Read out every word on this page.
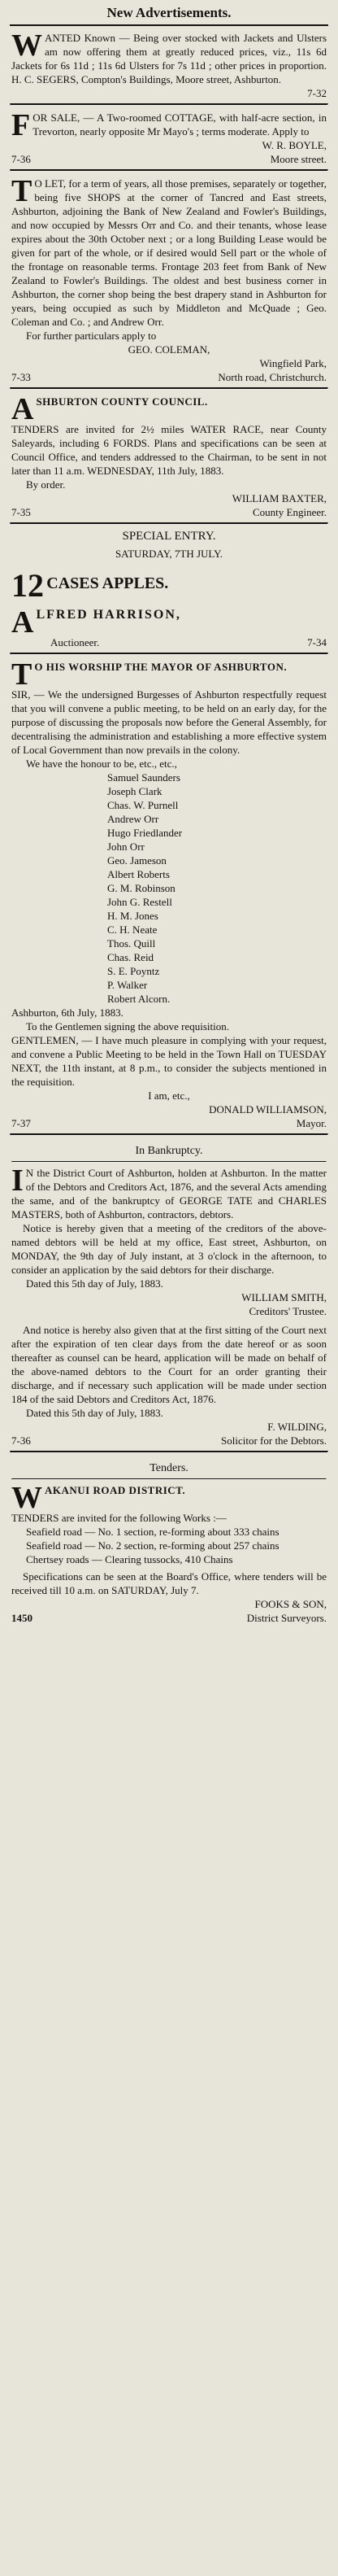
New Advertisements.
W ANTED Known — Being over stocked with Jackets and Ulsters am now offering them at greatly reduced prices, viz., 11s 6d Jackets for 6s 11d ; 11s 6d Ulsters for 7s 11d ; other prices in proportion. H. C. SEGERS, Compton's Buildings, Moore street, Ashburton.

7-32

F OR SALE, — A Two-roomed COTTAGE, with half-acre section, in Trevorton, nearly opposite Mr Mayo's ; terms moderate. Apply to

W. R. BOYLE,

7-36	Moore street.
T O LET, for a term of years, all those premises, separately or together, being five SHOPS at the corner of Tancred and East streets, Ashburton, adjoining the Bank of New Zealand and Fowler's Buildings, and now occupied by Messrs Orr and Co. and their tenants, whose lease expires about the 30th October next ; or a long Building Lease would be given for part of the whole, or if desired would Sell part or the whole of the frontage on reasonable terms. Frontage 203 feet from Bank of New Zealand to Fowler's Buildings. The oldest and best business corner in Ashburton, the corner shop being the best drapery stand in Ashburton for years, being occupied as such by Middleton and McQuade ; Geo. Coleman and Co. ; and Andrew Orr.

For further particulars apply to

GEO. COLEMAN,

Wingfield Park,

7-33	North road, Christchurch.
A SHBURTON COUNTY COUNCIL.

TENDERS are invited for 2½ miles WATER RACE, near County Saleyards, including 6 FORDS. Plans and specifications can be seen at Council Office, and tenders addressed to the Chairman, to be sent in not later than 11 a.m. WEDNESDAY, 11th July, 1883.

By order.

WILLIAM BAXTER,

7-35	County Engineer.

SPECIAL ENTRY.

SATURDAY, 7TH JULY.

12 CASES APPLES.

ALFRED HARRISON,
Auctioneer.	7-34
T O HIS WORSHIP THE MAYOR OF ASHBURTON.

SIR, — We the undersigned Burgesses of Ashburton respectfully request that you will convene a public meeting, to be held on an early day, for the purpose of discussing the proposals now before the General Assembly, for decentralising the administration and establishing a more effective system of Local Government than now prevails in the colony.

We have the honour to be, etc., etc.,

Samuel Saunders

Joseph Clark

Chas. W. Purnell

Andrew Orr

Hugo Friedlander

John Orr

Geo. Jameson

Albert Roberts

G. M. Robinson

John G. Restell

H. M. Jones

C. H. Neate

Thos. Quill

Chas. Reid

S. E. Poyntz

P. Walker

Robert Alcorn.

Ashburton, 6th July, 1883.

To the Gentlemen signing the above requisition.

GENTLEMEN, — I have much pleasure in complying with your request, and convene a Public Meeting to be held in the Town Hall on TUESDAY NEXT, the 11th instant, at 8 p.m., to consider the subjects mentioned in the requisition.

I am, etc.,

DONALD WILLIAMSON,

7-37	Mayor.

In Bankruptcy.

I N the District Court of Ashburton, holden at Ashburton. In the matter of the Debtors and Creditors Act, 1876, and the several Acts amending the same, and of the bankruptcy of GEORGE TATE and CHARLES MASTERS, both of Ashburton, contractors, debtors.

Notice is hereby given that a meeting of the creditors of the above-named debtors will be held at my office, East street, Ashburton, on MONDAY, the 9th day of July instant, at 3 o'clock in the afternoon, to consider an application by the said debtors for their discharge.

Dated this 5th day of July, 1883.

WILLIAM SMITH,

Creditors' Trustee.

And notice is hereby also given that at the first sitting of the Court next after the expiration of ten clear days from the date hereof or as soon thereafter as counsel can be heard, application will be made on behalf of the above-named debtors to the Court for an order granting their discharge, and if necessary such application will be made under section 184 of the said Debtors and Creditors Act, 1876.

Dated this 5th day of July, 1883.

F. WILDING,

7-36	Solicitor for the Debtors.

Tenders.

W AKANUI ROAD DISTRICT.

TENDERS are invited for the following Works :—

Seafield road — No. 1 section, re-forming about 333 chains

Seafield road — No. 2 section, re-forming about 257 chains

Chertsey roads — Clearing tussocks, 410 Chains

Specifications can be seen at the Board's Office, where tenders will be received till 10 a.m. on SATURDAY, July 7.

FOOKS & SON,

1450	District Surveyors.
